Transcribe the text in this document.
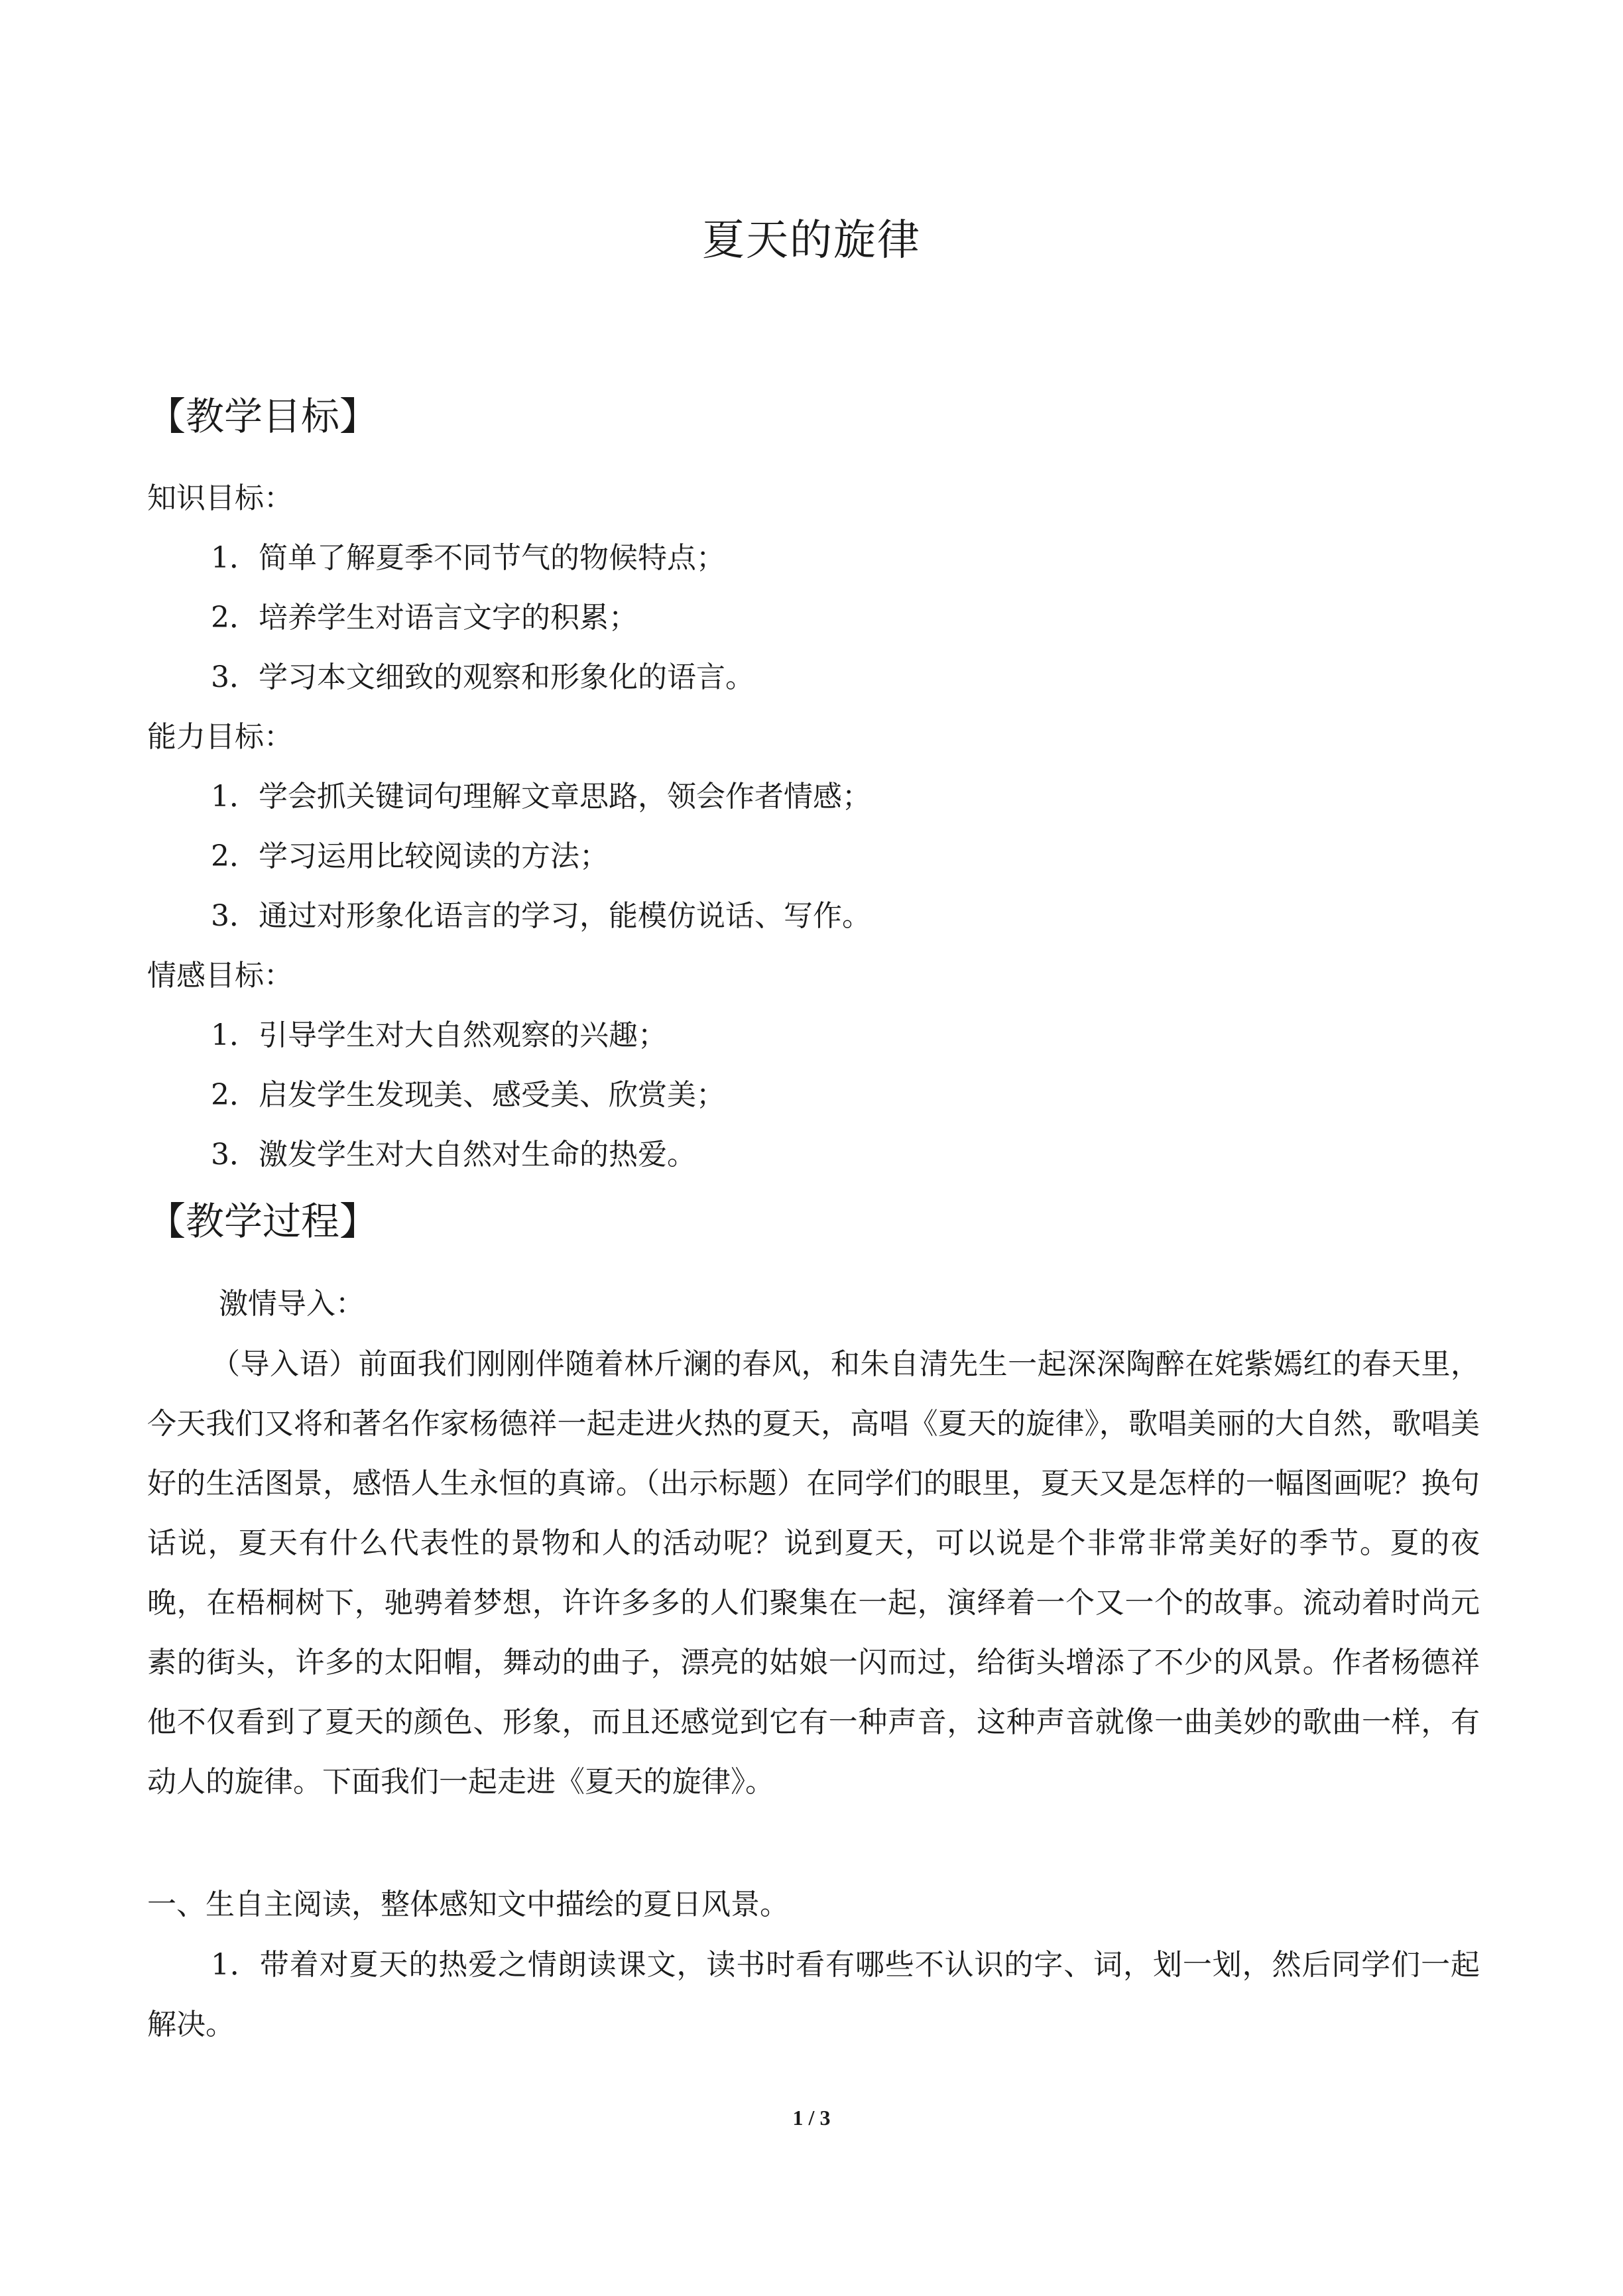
夏天的旋律
【教学目标】
知识目标：
1．简单了解夏季不同节气的物候特点；
2．培养学生对语言文字的积累；
3．学习本文细致的观察和形象化的语言。
能力目标：
1．学会抓关键词句理解文章思路，领会作者情感；
2．学习运用比较阅读的方法；
3．通过对形象化语言的学习，能模仿说话、写作。
情感目标：
1．引导学生对大自然观察的兴趣；
2．启发学生发现美、感受美、欣赏美；
3．激发学生对大自然对生命的热爱。
【教学过程】
激情导入：
（导入语）前面我们刚刚伴随着林斤澜的春风，和朱自清先生一起深深陶醉在姹紫嫣红的春天里，今天我们又将和著名作家杨德祥一起走进火热的夏天，高唱《夏天的旋律》，歌唱美丽的大自然，歌唱美好的生活图景，感悟人生永恒的真谛。（出示标题）在同学们的眼里，夏天又是怎样的一幅图画呢？换句话说，夏天有什么代表性的景物和人的活动呢？说到夏天，可以说是个非常非常美好的季节。夏的夜晚，在梧桐树下，驰骋着梦想，许许多多的人们聚集在一起，演绎着一个又一个的故事。流动着时尚元素的街头，许多的太阳帽，舞动的曲子，漂亮的姑娘一闪而过，给街头增添了不少的风景。作者杨德祥他不仅看到了夏天的颜色、形象，而且还感觉到它有一种声音，这种声音就像一曲美妙的歌曲一样，有动人的旋律。下面我们一起走进《夏天的旋律》。
一、生自主阅读，整体感知文中描绘的夏日风景。
1．带着对夏天的热爱之情朗读课文，读书时看有哪些不认识的字、词，划一划，然后同学们一起解决。
1 / 3
